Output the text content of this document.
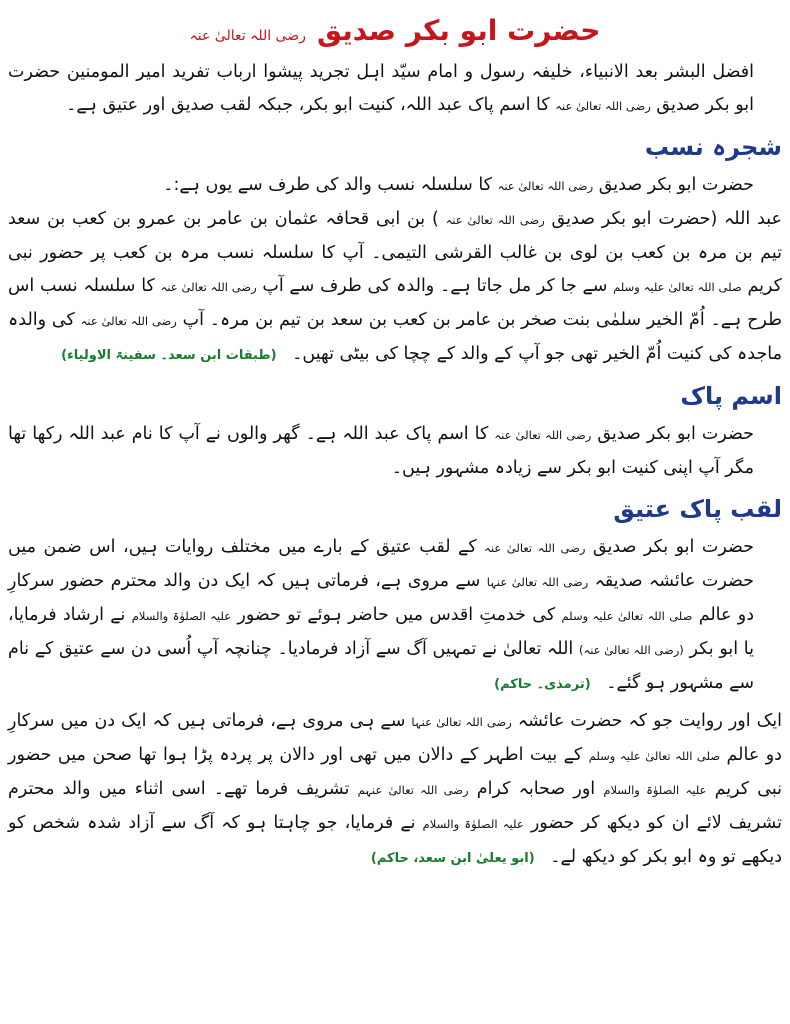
حضرت ابو بکر صدیق رضی اللہ تعالیٰ عنہ

افضل البشر بعد الانبیاء، خلیفہ رسول و امام سیّد اہل تجرید پیشوا ارباب تفرید امیر المومنین حضرت ابو بکر صدیق رضی اللہ تعالیٰ عنہ کا اسم پاک عبد اللہ، کنیت ابو بکر، جبکہ لقب صدیق اور عتیق ہے۔

شجرہ نسب

حضرت ابو بکر صدیق رضی اللہ تعالیٰ عنہ کا سلسلہ نسب والد کی طرف سے یوں ہے:۔

عبد اللہ (حضرت ابو بکر صدیق رضی اللہ تعالیٰ عنہ ) بن ابی قحافہ عثمان بن عامر بن عمرو بن کعب بن سعد تیم بن مرہ بن کعب بن لوی بن غالب القرشی التیمی۔ آپ کا سلسلہ نسب مرہ بن کعب پر حضور نبی کریم صلی اللہ تعالیٰ علیہ وسلم سے جا کر مل جاتا ہے۔ والدہ کی طرف سے آپ رضی اللہ تعالیٰ عنہ کا سلسلہ نسب اس طرح ہے۔ اُمّ الخیر سلمٰی بنت صخر بن عامر بن کعب بن سعد بن تیم بن مرہ۔ آپ رضی اللہ تعالیٰ عنہ کی والدہ ماجدہ کی کنیت اُمّ الخیر تھی جو آپ کے والد کے چچا کی بیٹی تھیں۔ (طبقات ابن سعد۔ سفینۃ الاولیاء)

اسم پاک

حضرت ابو بکر صدیق رضی اللہ تعالیٰ عنہ کا اسم پاک عبد اللہ ہے۔ گھر والوں نے آپ کا نام عبد اللہ رکھا تھا مگر آپ اپنی کنیت ابو بکر سے زیادہ مشہور ہیں۔

لقب پاک عتیق

حضرت ابو بکر صدیق رضی اللہ تعالیٰ عنہ کے لقب عتیق کے بارے میں مختلف روایات ہیں، اس ضمن میں حضرت عائشہ صدیقہ رضی اللہ تعالیٰ عنہا سے مروی ہے، فرماتی ہیں کہ ایک دن والد محترم حضور سرکارِ دو عالم صلی اللہ تعالیٰ علیہ وسلم کی خدمتِ اقدس میں حاضر ہوئے تو حضور علیہ الصلوٰۃ والسلام نے ارشاد فرمایا، یا ابو بکر (رضی اللہ تعالیٰ عنہ) اللہ تعالیٰ نے تمہیں آگ سے آزاد فرمادیا۔ چنانچہ آپ اُسی دن سے عتیق کے نام سے مشہور ہو گئے۔ (ترمذی۔ حاکم)

ایک اور روایت جو کہ حضرت عائشہ رضی اللہ تعالیٰ عنہا سے ہی مروی ہے، فرماتی ہیں کہ ایک دن میں سرکارِ دو عالم صلی اللہ تعالیٰ علیہ وسلم کے بیت اطہر کے دالان میں تھی اور دالان پر پردہ پڑا ہوا تھا صحن میں حضور نبی کریم علیہ الصلوٰۃ والسلام اور صحابہ کرام رضی اللہ تعالیٰ عنہم تشریف فرما تھے۔ اسی اثناء میں والد محترم تشریف لائے ان کو دیکھ کر حضور علیہ الصلوٰۃ والسلام نے فرمایا، جو چاہتا ہو کہ آگ سے آزاد شدہ شخص کو دیکھے تو وہ ابو بکر کو دیکھ لے۔ (ابو یعلیٰ ابن سعد، حاکم)
